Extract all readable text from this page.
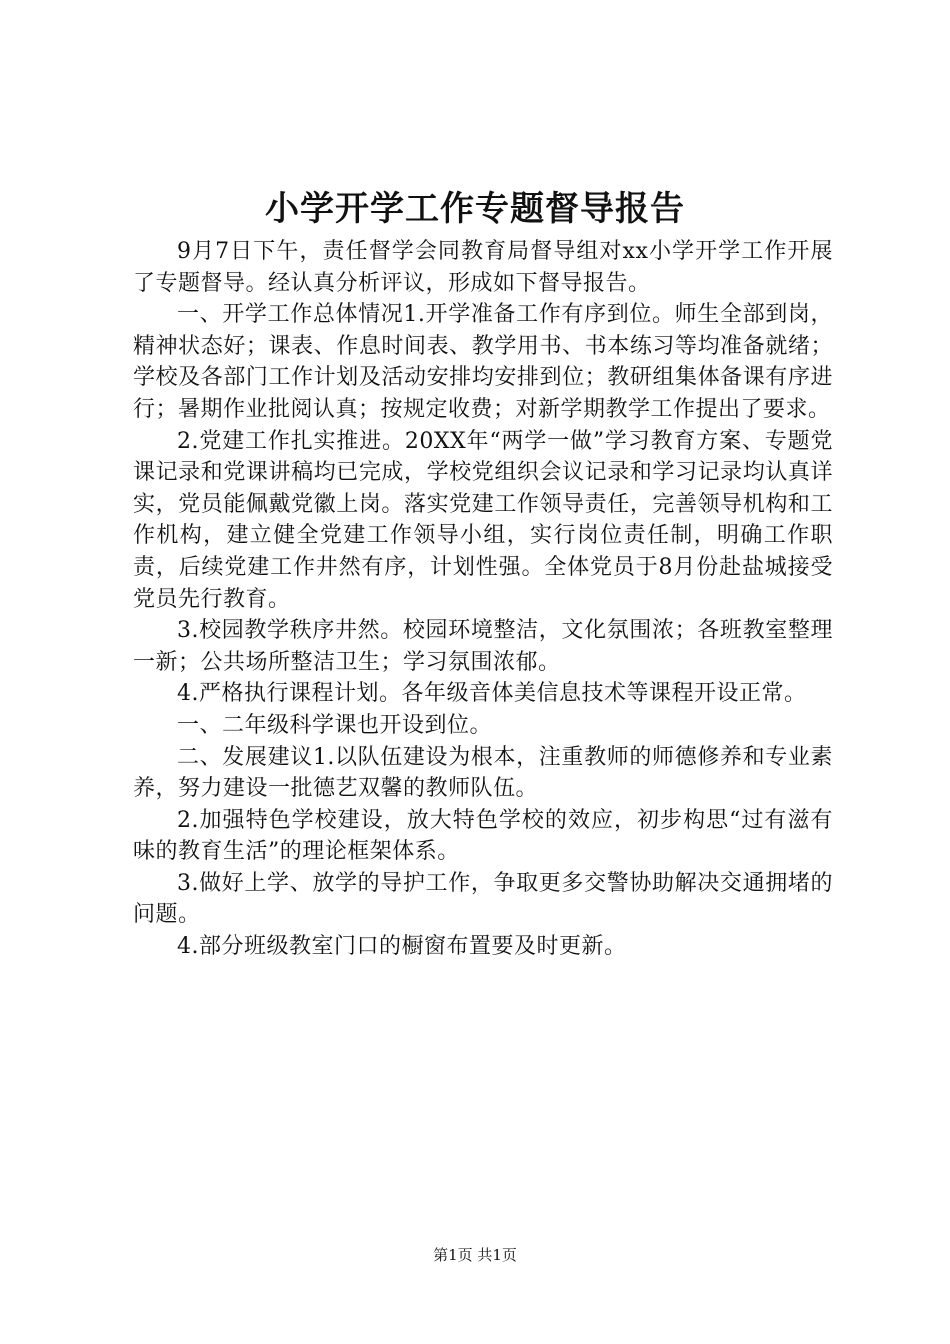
小学开学工作专题督导报告

9月7日下午，责任督学会同教育局督导组对xx小学开学工作开展了专题督导。经认真分析评议，形成如下督导报告。

一、开学工作总体情况1.开学准备工作有序到位。师生全部到岗，精神状态好；课表、作息时间表、教学用书、书本练习等均准备就绪；学校及各部门工作计划及活动安排均安排到位；教研组集体备课有序进行；暑期作业批阅认真；按规定收费；对新学期教学工作提出了要求。

2.党建工作扎实推进。20XX年“两学一做”学习教育方案、专题党课记录和党课讲稿均已完成，学校党组织会议记录和学习记录均认真详实，党员能佩戴党徽上岗。落实党建工作领导责任，完善领导机构和工作机构，建立健全党建工作领导小组，实行岗位责任制，明确工作职责，后续党建工作井然有序，计划性强。全体党员于8月份赴盐城接受党员先行教育。

3.校园教学秩序井然。校园环境整洁，文化氛围浓；各班教室整理一新；公共场所整洁卫生；学习氛围浓郁。

4.严格执行课程计划。各年级音体美信息技术等课程开设正常。

一、二年级科学课也开设到位。

二、发展建议1.以队伍建设为根本，注重教师的师德修养和专业素养，努力建设一批德艺双馨的教师队伍。

2.加强特色学校建设，放大特色学校的效应，初步构思“过有滋有味的教育生活”的理论框架体系。

3.做好上学、放学的导护工作，争取更多交警协助解决交通拥堵的问题。

4.部分班级教室门口的橱窗布置要及时更新。

第1页 共1页
